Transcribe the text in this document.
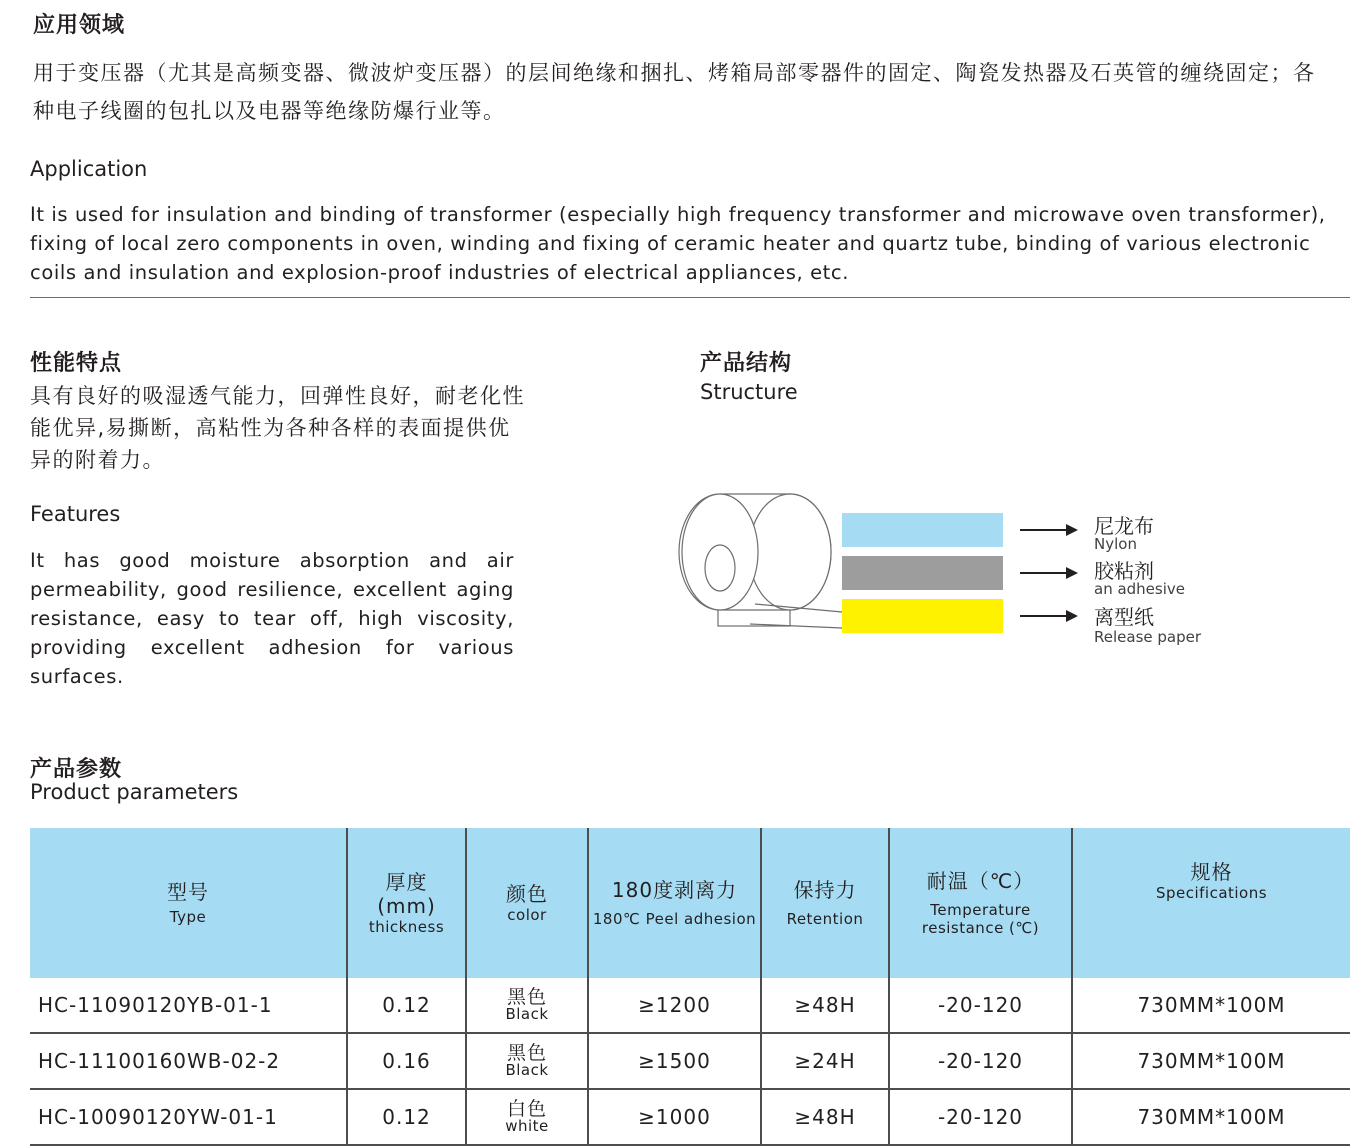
应用领域
用于变压器（尤其是高频变器、微波炉变压器）的层间绝缘和捆扎、烤箱局部零器件的固定、陶瓷发热器及石英管的缠绕固定；各种电子线圈的包扎以及电器等绝缘防爆行业等。
Application
It is used for insulation and binding of transformer (especially high frequency transformer and microwave oven transformer), fixing of local zero components in oven, winding and fixing of ceramic heater and quartz tube, binding of various electronic coils and insulation and explosion-proof industries of electrical appliances, etc.
性能特点
具有良好的吸湿透气能力，回弹性良好，耐老化性能优异,易撕断，高粘性为各种各样的表面提供优异的附着力。
Features
It has good moisture absorption and air permeability, good resilience, excellent aging resistance, easy to tear off, high viscosity, providing excellent adhesion for various surfaces.
产品结构
Structure
尼龙布
Nylon
胶粘剂
an adhesive
离型纸
Release paper
产品参数
Product parameters
型号
Type	厚度
(mm)
thickness	颜色
color	180度剥离力
180℃ Peel adhesion	保持力
Retention	耐温（℃）
Temperature resistance (℃)	规格
Specifications

HC-11090120YB-01-1	0.12	黑色
Black	≥1200	≥48H	-20-120	730MM*100M
HC-11100160WB-02-2	0.16	黑色
Black	≥1500	≥24H	-20-120	730MM*100M
HC-10090120YW-01-1	0.12	白色
white	≥1000	≥48H	-20-120	730MM*100M
